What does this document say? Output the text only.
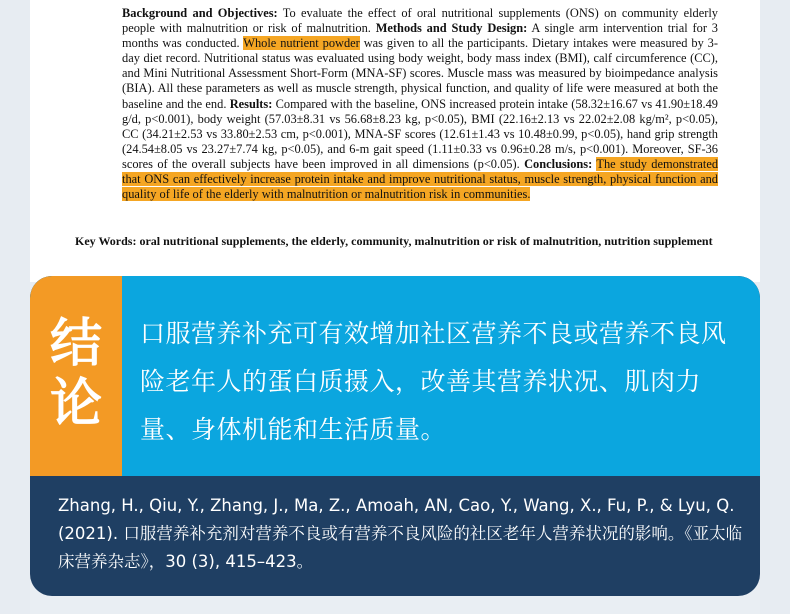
Background and Objectives: To evaluate the effect of oral nutritional supplements (ONS) on community elderly people with malnutrition or risk of malnutrition. Methods and Study Design: A single arm intervention trial for 3 months was conducted. Whole nutrient powder was given to all the participants. Dietary intakes were measured by 3-day diet record. Nutritional status was evaluated using body weight, body mass index (BMI), calf circumference (CC), and Mini Nutritional Assessment Short-Form (MNA-SF) scores. Muscle mass was measured by bioimpedance analysis (BIA). All these parameters as well as muscle strength, physical function, and quality of life were measured at both the baseline and the end. Results: Compared with the baseline, ONS increased protein intake (58.32±16.67 vs 41.90±18.49 g/d, p<0.001), body weight (57.03±8.31 vs 56.68±8.23 kg, p<0.05), BMI (22.16±2.13 vs 22.02±2.08 kg/m², p<0.05), CC (34.21±2.53 vs 33.80±2.53 cm, p<0.001), MNA-SF scores (12.61±1.43 vs 10.48±0.99, p<0.05), hand grip strength (24.54±8.05 vs 23.27±7.74 kg, p<0.05), and 6-m gait speed (1.11±0.33 vs 0.96±0.28 m/s, p<0.001). Moreover, SF-36 scores of the overall subjects have been improved in all dimensions (p<0.05). Conclusions: The study demonstrated that ONS can effectively increase protein intake and improve nutritional status, muscle strength, physical function and quality of life of the elderly with malnutrition or malnutrition risk in communities.

Key Words: oral nutritional supplements, the elderly, community, malnutrition or risk of malnutrition, nutrition supplement

结
论

口服营养补充可有效增加社区营养不良或营养不良风险老年人的蛋白质摄入，改善其营养状况、肌肉力量、身体机能和生活质量。

Zhang, H., Qiu, Y., Zhang, J., Ma, Z., Amoah, AN, Cao, Y., Wang, X., Fu, P., & Lyu, Q. (2021). 口服营养补充剂对营养不良或有营养不良风险的社区老年人营养状况的影响。《亚太临床营养杂志》，30 (3), 415–423。
